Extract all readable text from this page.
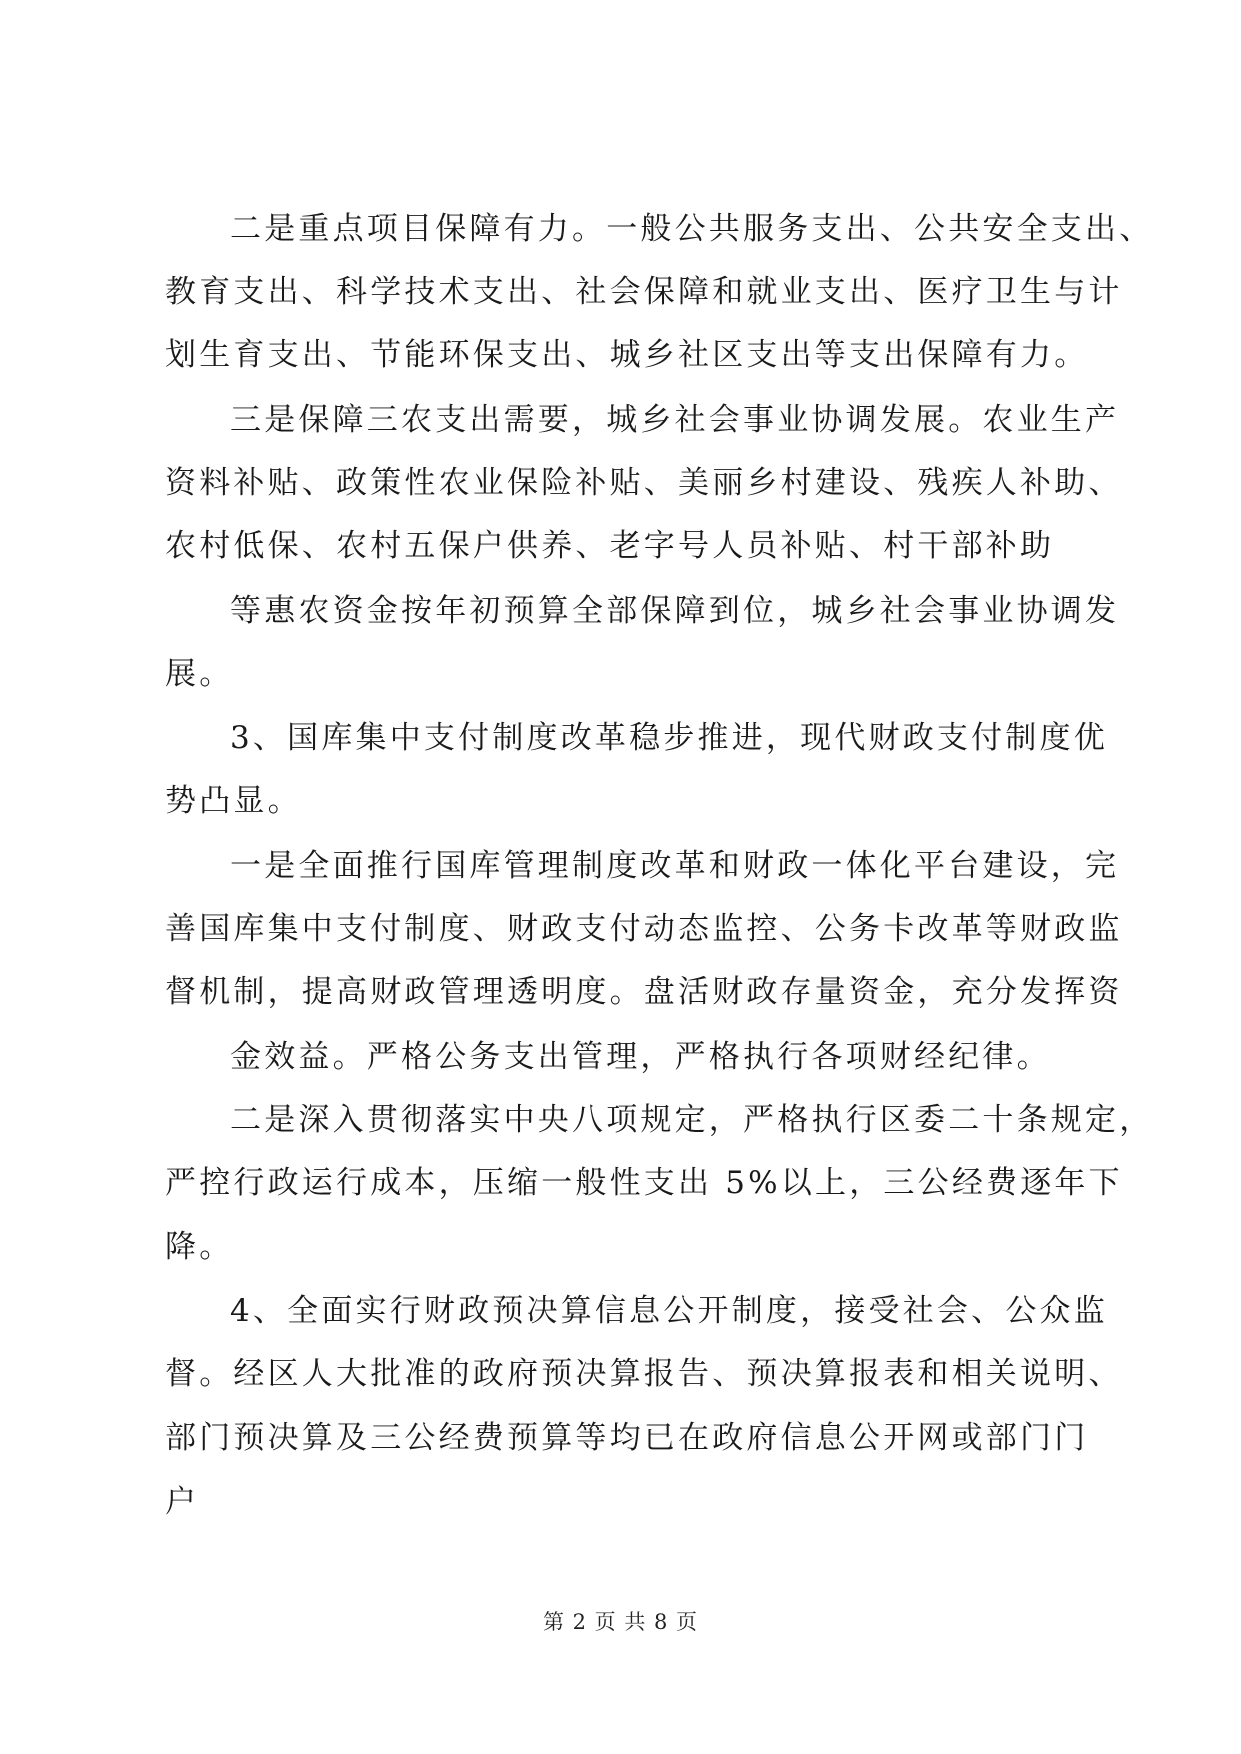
二是重点项目保障有力。一般公共服务支出、公共安全支出、
教育支出、科学技术支出、社会保障和就业支出、医疗卫生与计
划生育支出、节能环保支出、城乡社区支出等支出保障有力。
三是保障三农支出需要，城乡社会事业协调发展。农业生产
资料补贴、政策性农业保险补贴、美丽乡村建设、残疾人补助、
农村低保、农村五保户供养、老字号人员补贴、村干部补助
等惠农资金按年初预算全部保障到位，城乡社会事业协调发
展。
3、国库集中支付制度改革稳步推进，现代财政支付制度优
势凸显。
一是全面推行国库管理制度改革和财政一体化平台建设，完
善国库集中支付制度、财政支付动态监控、公务卡改革等财政监
督机制，提高财政管理透明度。盘活财政存量资金，充分发挥资
金效益。严格公务支出管理，严格执行各项财经纪律。
二是深入贯彻落实中央八项规定，严格执行区委二十条规定，
严控行政运行成本，压缩一般性支出 5%以上，三公经费逐年下
降。
4、全面实行财政预决算信息公开制度，接受社会、公众监
督。经区人大批准的政府预决算报告、预决算报表和相关说明、
部门预决算及三公经费预算等均已在政府信息公开网或部门门
户
第 2 页 共 8 页
